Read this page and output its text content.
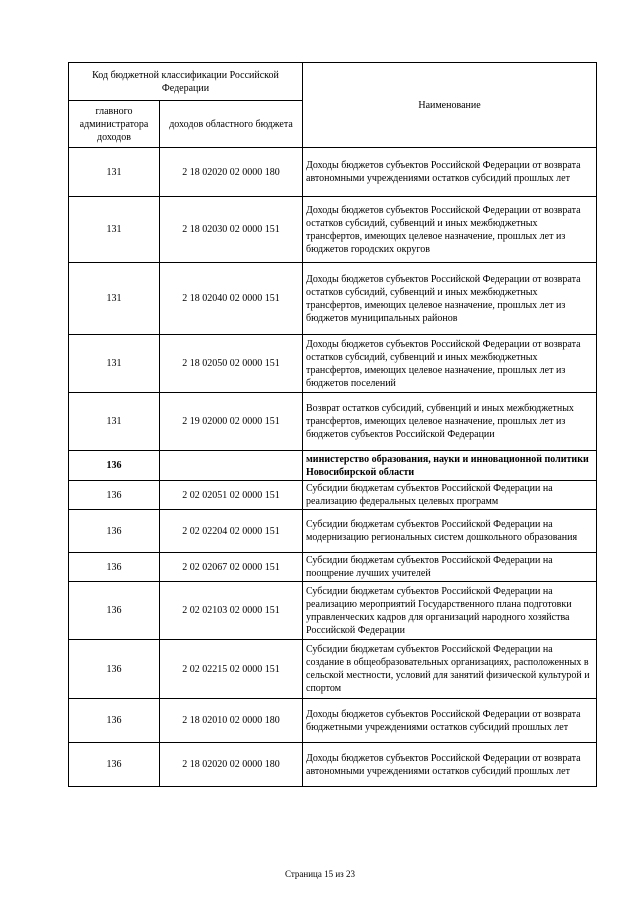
Код бюджетной классификации Российской Федерации		Наименование
главного администратора доходов	доходов областного бюджета	
131	2 18 02020 02 0000 180	Доходы бюджетов субъектов Российской Федерации от возврата автономными учреждениями остатков субсидий прошлых лет
131	2 18 02030 02 0000 151	Доходы бюджетов субъектов Российской Федерации от возврата остатков субсидий, субвенций и иных межбюджетных трансфертов, имеющих целевое назначение, прошлых лет из бюджетов городских округов
131	2 18 02040 02 0000 151	Доходы бюджетов субъектов Российской Федерации от возврата остатков субсидий, субвенций и иных межбюджетных трансфертов, имеющих целевое назначение, прошлых лет из бюджетов муниципальных районов
131	2 18 02050 02 0000 151	Доходы бюджетов субъектов Российской Федерации от возврата остатков субсидий, субвенций и иных межбюджетных трансфертов, имеющих целевое назначение, прошлых лет из бюджетов поселений
131	2 19 02000 02 0000 151	Возврат остатков субсидий, субвенций и иных межбюджетных трансфертов, имеющих целевое назначение, прошлых лет из бюджетов субъектов Российской Федерации
136		министерство образования, науки и инновационной политики Новосибирской области
136	2 02 02051 02 0000 151	Субсидии бюджетам субъектов Российской Федерации на реализацию федеральных целевых программ
136	2 02 02204 02 0000 151	Субсидии бюджетам субъектов Российской Федерации на модернизацию региональных систем дошкольного образования
136	2 02 02067 02 0000 151	Субсидии бюджетам субъектов Российской Федерации на поощрение лучших учителей
136	2 02 02103 02 0000 151	Субсидии бюджетам субъектов Российской Федерации на реализацию мероприятий Государственного плана подготовки управленческих кадров для организаций народного хозяйства Российской Федерации
136	2 02 02215 02 0000 151	Субсидии бюджетам субъектов Российской Федерации на создание в общеобразовательных организациях, расположенных в сельской местности, условий для занятий физической культурой и спортом
136	2 18 02010 02 0000 180	Доходы бюджетов субъектов Российской Федерации от возврата бюджетными учреждениями остатков субсидий прошлых лет
136	2 18 02020 02 0000 180	Доходы бюджетов субъектов Российской Федерации от возврата автономными учреждениями остатков субсидий прошлых лет
Страница 15 из 23
